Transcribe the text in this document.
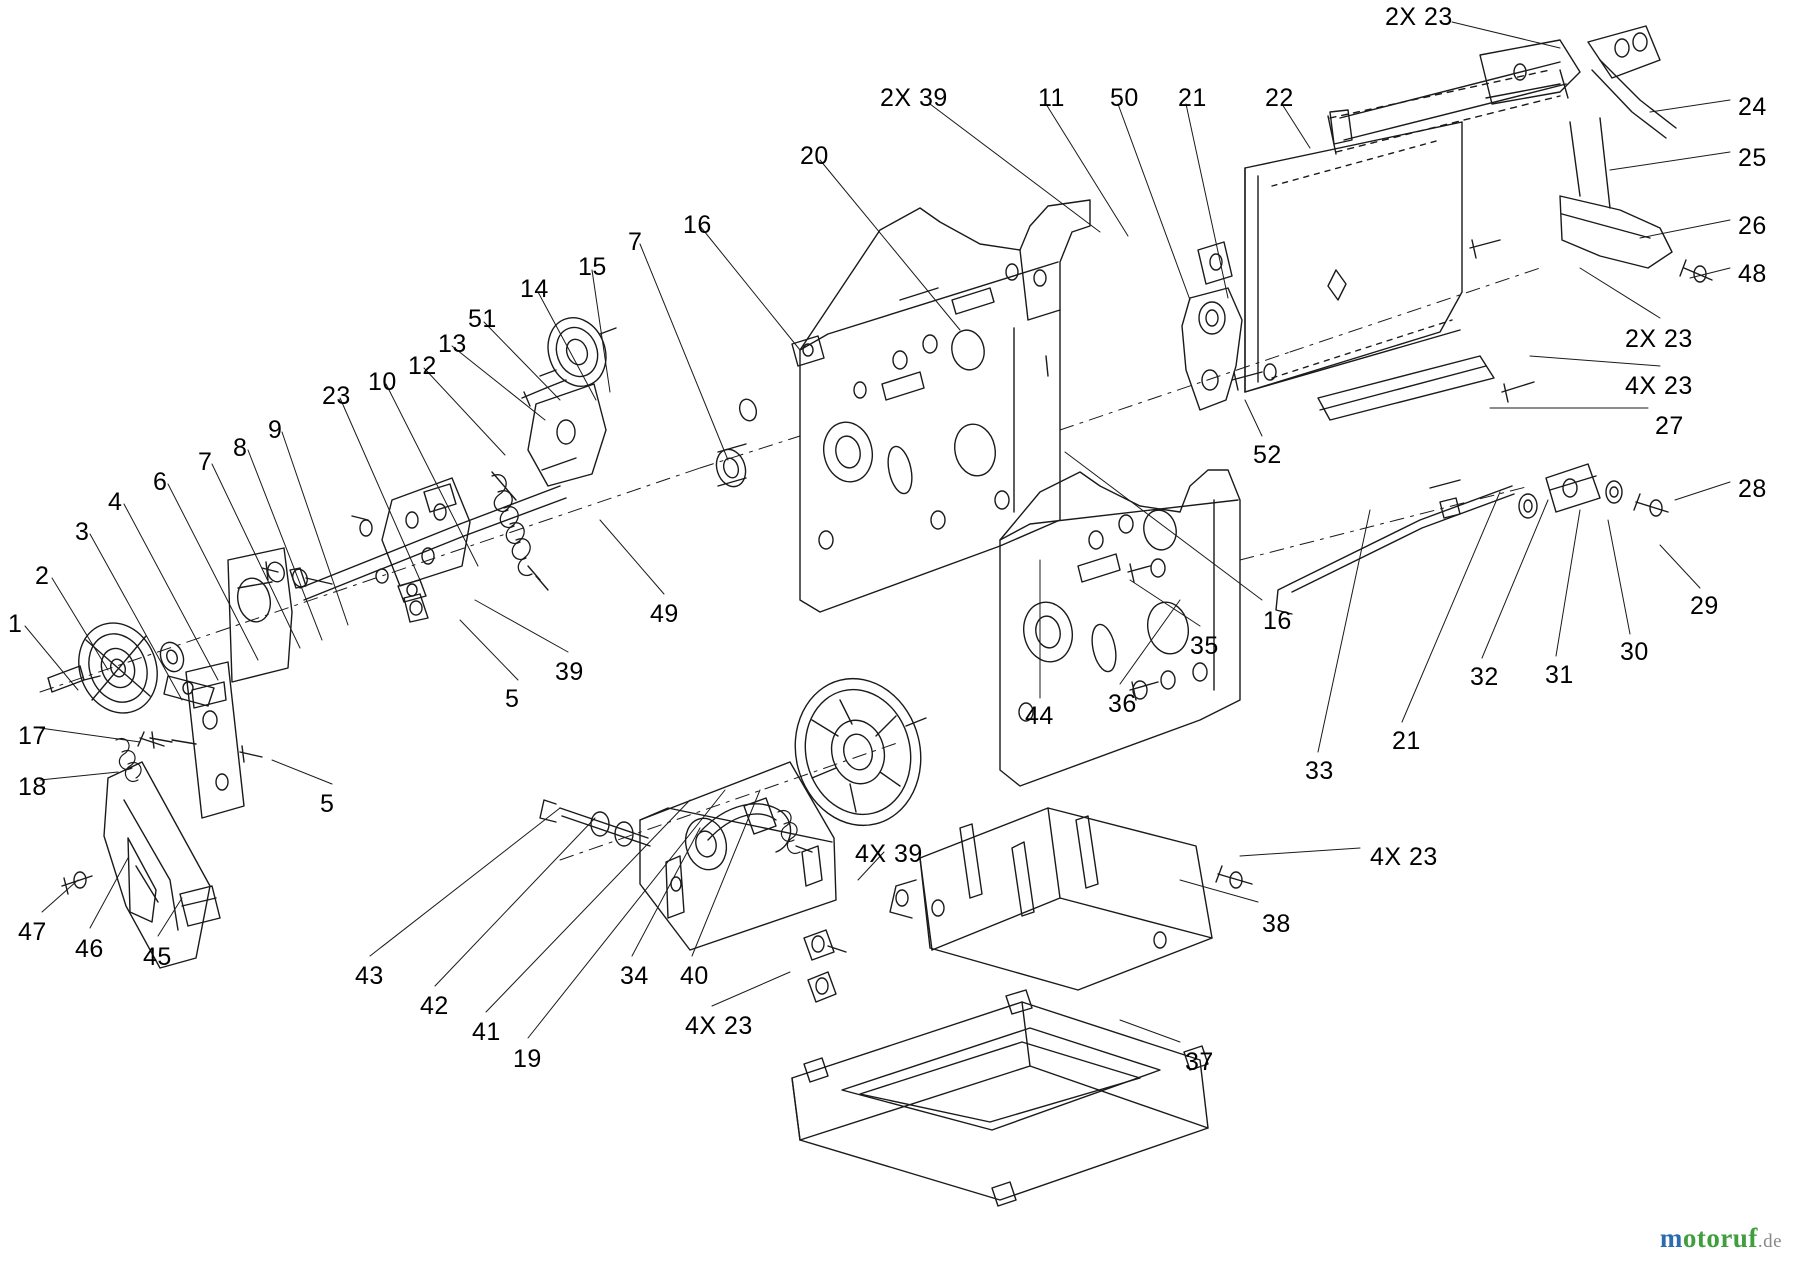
2X 23
24
25
26
48
2X 23
4X 23
27
28
29
30
31
32
21
33
16
35
36
44
52
2X 39	11 50 21 22
20
16
7
15
14
51
13
12
10
23
9
8
7
6
4
3
2
1
17
18
47
46 45
5
5
39
49
43
42
41
19
34 40
4X 39
4X 23
37
38
4X 23
motoruf.de
